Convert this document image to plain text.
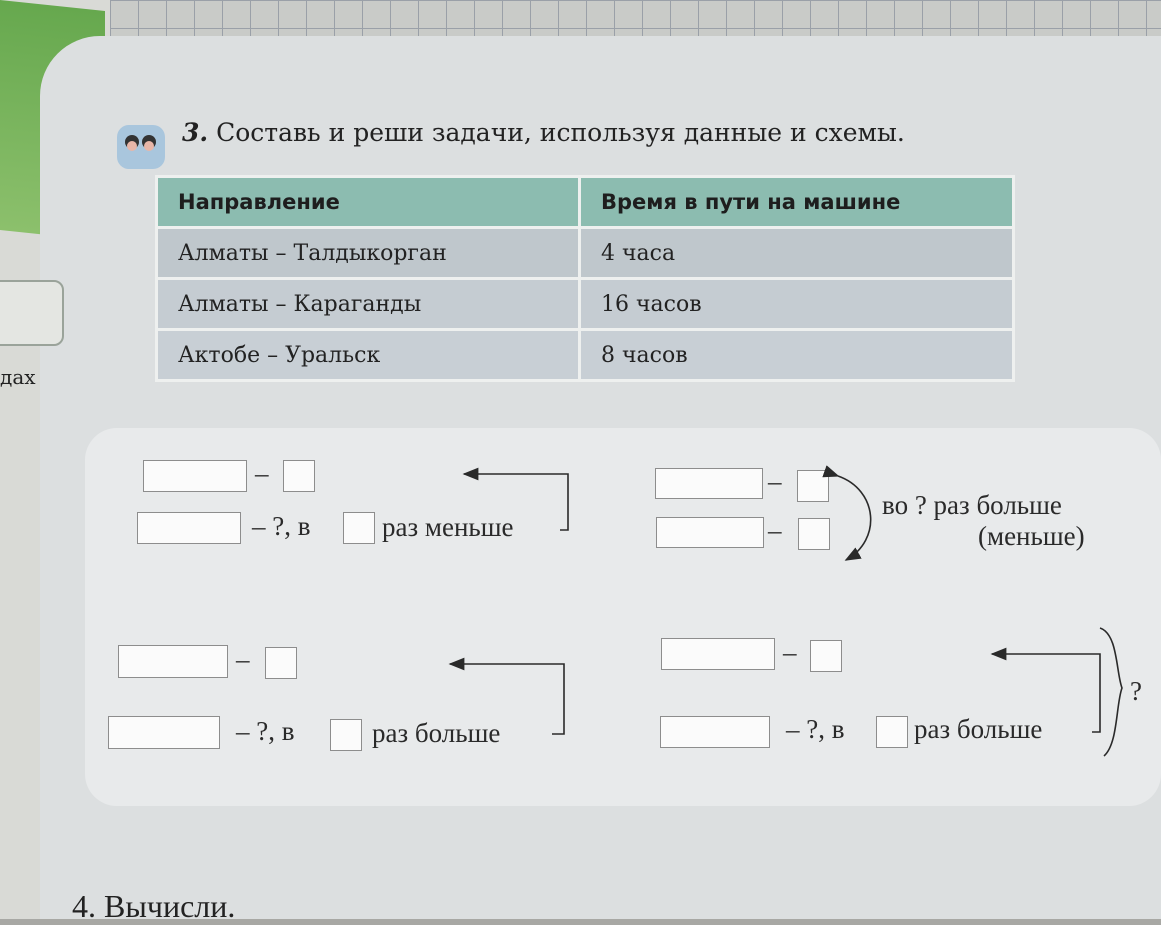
дах
3. Составь и реши задачи, используя данные и схемы.
Направление	Время в пути на машине
Алматы – Талдыкорган	4 часа
Алматы – Караганды	16 часов
Актобе – Уральск	8 часов
–
– ?, в	раз меньше
–
–
во ? раз больше
(меньше)
–
– ?, в	раз больше
–
– ?, в	раз больше
?
4. Вычисли.
